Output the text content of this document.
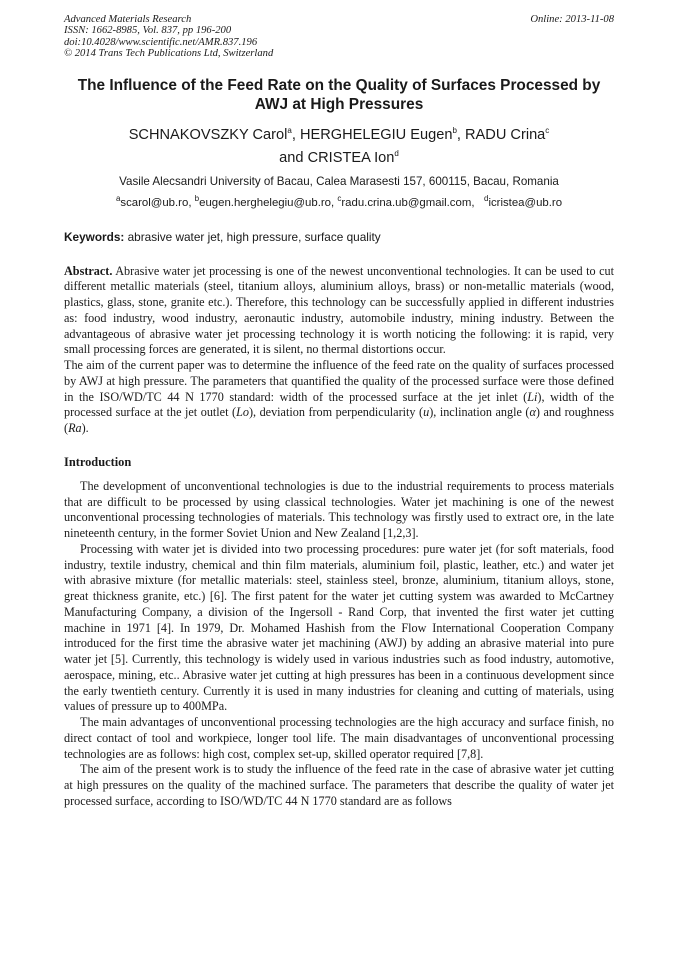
Advanced Materials Research
ISSN: 1662-8985, Vol. 837, pp 196-200
doi:10.4028/www.scientific.net/AMR.837.196
© 2014 Trans Tech Publications Ltd, Switzerland
Online: 2013-11-08
The Influence of the Feed Rate on the Quality of Surfaces Processed by AWJ at High Pressures
SCHNAKOVSZKY Carol$^a$, HERGHELEGIU Eugen$^b$, RADU Crina$^c$
and CRISTEA Ion$^d$
Vasile Alecsandri University of Bacau, Calea Marasesti 157, 600115, Bacau, Romania
$^a$scarol@ub.ro, $^b$eugen.herghelegiu@ub.ro, $^c$radu.crina.ub@gmail.com,   $^d$icristea@ub.ro
Keywords: abrasive water jet, high pressure, surface quality

Abstract. Abrasive water jet processing is one of the newest unconventional technologies. It can be used to cut different metallic materials (steel, titanium alloys, aluminium alloys, brass) or non-metallic materials (wood, plastics, glass, stone, granite etc.). Therefore, this technology can be successfully applied in different industries as: food industry, wood industry, aeronautic industry, automobile industry, mining industry. Between the advantageous of abrasive water jet processing technology it is worth noticing the following: it is rapid, very small processing forces are generated, it is silent, no thermal distortions occur.

The aim of the current paper was to determine the influence of the feed rate on the quality of surfaces processed by AWJ at high pressure. The parameters that quantified the quality of the processed surface were those defined in the ISO/WD/TC 44 N 1770 standard: width of the processed surface at the jet inlet (Li), width of the processed surface at the jet outlet (Lo), deviation from perpendicularity (u), inclination angle (α) and roughness (Ra).

Introduction

The development of unconventional technologies is due to the industrial requirements to process materials that are difficult to be processed by using classical technologies. Water jet machining is one of the newest unconventional processing technologies of materials. This technology was firstly used to extract ore, in the late nineteenth century, in the former Soviet Union and New Zealand [1,2,3].

Processing with water jet is divided into two processing procedures: pure water jet (for soft materials, food industry, textile industry, chemical and thin film materials, aluminium foil, plastic, leather, etc.) and water jet with abrasive mixture (for metallic materials: steel, stainless steel, bronze, aluminium, titanium alloys, stone, great thickness granite, etc.) [6]. The first patent for the water jet cutting system was awarded to McCartney Manufacturing Company, a division of the Ingersoll - Rand Corp, that invented the first water jet cutting machine in 1971 [4]. In 1979, Dr. Mohamed Hashish from the Flow International Cooperation Company introduced for the first time the abrasive water jet machining (AWJ) by adding an abrasive material into pure water jet [5]. Currently, this technology is widely used in various industries such as food industry, automotive, aerospace, mining, etc.. Abrasive water jet cutting at high pressures has been in a continuous development since the early twentieth century. Currently it is used in many industries for cleaning and cutting of materials, using values of pressure up to 400MPa.

The main advantages of unconventional processing technologies are the high accuracy and surface finish, no direct contact of tool and workpiece, longer tool life. The main disadvantages of unconventional processing technologies are as follows: high cost, complex set-up, skilled operator required [7,8].

The aim of the present work is to study the influence of the feed rate in the case of abrasive water jet cutting at high pressures on the quality of the machined surface. The parameters that describe the quality of water jet processed surface, according to ISO/WD/TC 44 N 1770 standard are as follows
